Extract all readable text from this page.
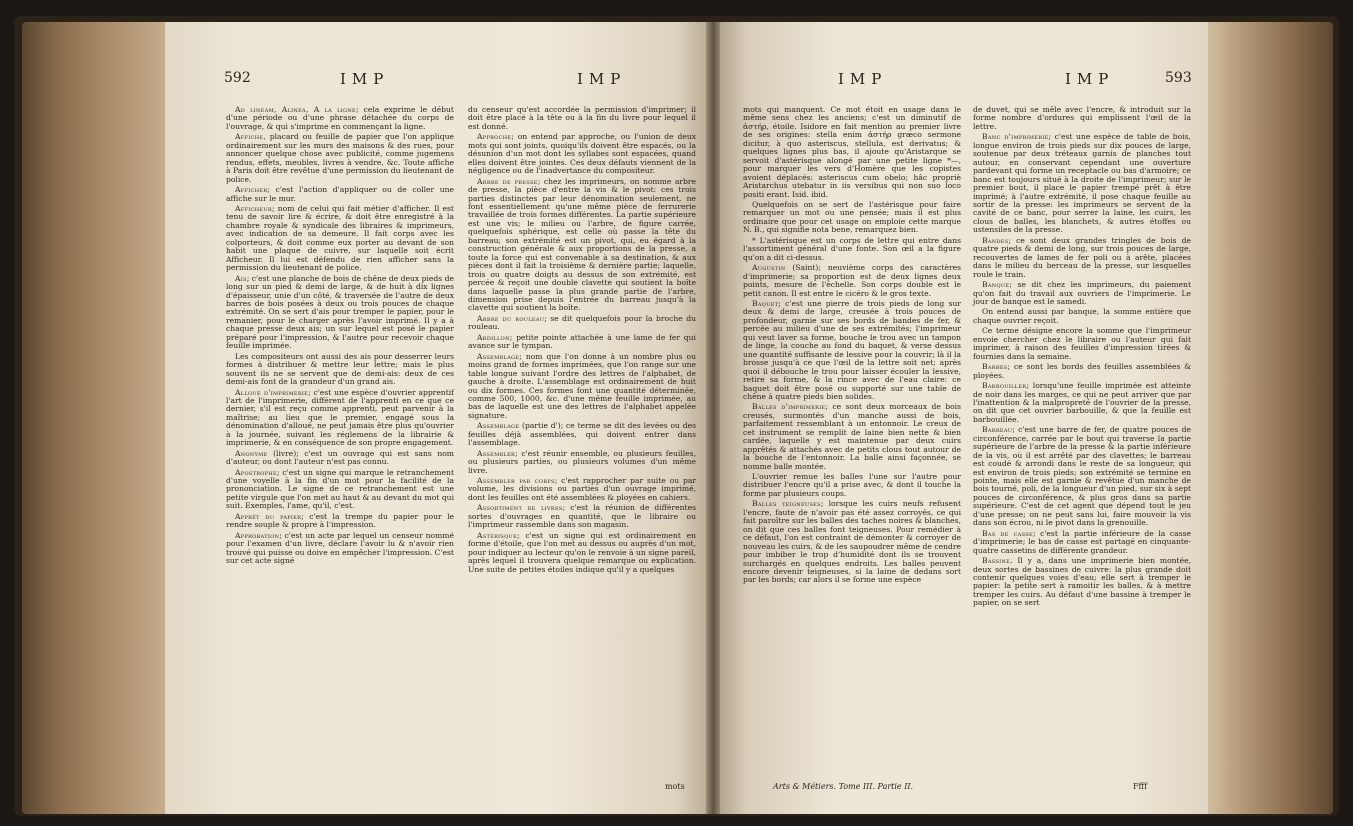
592	IMP	IMP

Ad lineam, Alinéa, A la ligne; cela exprime le début d'une période ou d'une phrase détachée du corps de l'ouvrage, & qui s'imprime en commençant la ligne.

Affiche, placard ou feuille de papier que l'on applique ordinairement sur les murs des maisons & des rues, pour annoncer quelque chose avec publicité, comme jugemens rendus, effets, meubles, livres à vendre, &c. Toute affiche à Paris doit être revêtue d'une permission du lieutenant de police.

Afficher; c'est l'action d'appliquer ou de coller une affiche sur le mur.

Afficheur; nom de celui qui fait métier d'afficher. Il est tenu de savoir lire & écrire, & doit être enregistré à la chambre royale & syndicale des libraires & imprimeurs, avec indication de sa demeure. Il fait corps avec les colporteurs, & doit comme eux porter au devant de son habit une plaque de cuivre, sur laquelle soit écrit Afficheur. Il lui est défendu de rien afficher sans la permission du lieutenant de police.

Ais; c'est une planche de bois de chêne de deux pieds de long sur un pied & demi de large, & de huit à dix lignes d'épaisseur, unie d'un côté, & traversée de l'autre de deux barres de bois posées à deux ou trois pouces de chaque extrémité. On se sert d'ais pour tremper le papier, pour le remanier, pour le charger après l'avoir imprimé. Il y a à chaque presse deux ais; un sur lequel est posé le papier préparé pour l'impression, & l'autre pour recevoir chaque feuille imprimée.

Les compositeurs ont aussi des ais pour desserrer leurs formes à distribuer & mettre leur lettre; mais le plus souvent ils ne se servent que de demi-ais: deux de ces demi-ais font de la grandeur d'un grand ais.

Alloué d'imprimerie; c'est une espèce d'ouvrier apprentif l'art de l'imprimerie, différent de l'apprenti en ce que ce dernier, s'il est reçu comme apprenti, peut parvenir à la maîtrise; au lieu que le premier, engagé sous la dénomination d'alloué, ne peut jamais être plus qu'ouvrier à la journée, suivant les réglemens de la librairie & imprimerie, & en conséquence de son propre engagement.

Anonyme (livre); c'est un ouvrage qui est sans nom d'auteur, ou dont l'auteur n'est pas connu.

Apostrophe; c'est un signe qui marque le retranchement d'une voyelle à la fin d'un mot pour la facilité de la prononciation. Le signe de ce retranchement est une petite virgule que l'on met au haut & au devant du mot qui suit. Exemples, l'ame, qu'il, c'est.

Apprêt du papier; c'est la trempe du papier pour le rendre souple & propre à l'impression.

Approbation; c'est un acte par lequel un censeur nommé pour l'examen d'un livre, déclare l'avoir lu & n'avoir rien trouvé qui puisse ou doive en empêcher l'impression. C'est sur cet acte signé

du censeur qu'est accordée la permission d'imprimer; il doit être placé à la tête ou à la fin du livre pour lequel il est donné.

Approche; on entend par approche, ou l'union de deux mots qui sont joints, quoiqu'ils doivent être espacés, ou la désunion d'un mot dont les syllabes sont espacées, quand elles doivent être jointes. Ces deux défauts viennent de la négligence ou de l'inadvertance du compositeur.

Arbre de presse; chez les imprimeurs, on nomme arbre de presse, la pièce d'entre la vis & le pivot: ces trois parties distinctes par leur dénomination seulement, ne font essentiellement qu'une même pièce de ferrurerie travaillée de trois formes différentes. La partie supérieure est une vis; le milieu ou l'arbre, de figure carrée, quelquefois sphérique, est celle où passe la tête du barreau; son extrémité est un pivot, qui, eu égard à la construction générale & aux proportions de la presse, a toute la force qui est convenable à sa destination, & aux pièces dont il fait la troisième & dernière partie; laquelle, trois ou quatre doigts au dessus de son extrémité, est percée & reçoit une double clavette qui soutient la boîte dans laquelle passe la plus grande partie de l'arbre, dimension prise depuis l'entrée du barreau jusqu'à la clavette qui soutient la boîte.

Arbre du rouleau; se dit quelquefois pour la broche du rouleau.

Ardillon; petite pointe attachée à une lame de fer qui avance sur le tympan.

Assemblage; nom que l'on donne à un nombre plus ou moins grand de formes imprimées, que l'on range sur une table longue suivant l'ordre des lettres de l'alphabet, de gauche à droite. L'assemblage est ordinairement de huit ou dix formes. Ces formes font une quantité déterminée, comme 500, 1000, &c. d'une même feuille imprimée, au bas de laquelle est une des lettres de l'alphabet appelée signature.

Assemblage (partie d'); ce terme se dit des levées ou des feuilles déjà assemblées, qui doivent entrer dans l'assemblage.

Assembler; c'est réunir ensemble, ou plusieurs feuilles, ou plusieurs parties, ou plusieurs volumes d'un même livre.

Assembler par corps; c'est rapprocher par suite ou par volume, les divisions ou parties d'un ouvrage imprimé, dont les feuilles ont été assemblées & ployées en cahiers.

Assortiment de livres; c'est la réunion de différentes sortes d'ouvrages en quantité, que le libraire ou l'imprimeur rassemble dans son magasin.

Astérisque; c'est un signe qui est ordinairement en forme d'étoile, que l'on met au dessus ou auprès d'un mot, pour indiquer au lecteur qu'on le renvoie à un signe pareil, après lequel il trouvera quelque remarque ou explication. Une suite de petites étoiles indique qu'il y a quelques

mots
IMP	IMP	593

mots qui manquent. Ce mot étoit en usage dans le même sens chez les anciens; c'est un diminutif de ἀστήρ, étoile. Isidore en fait mention au premier livre de ses origines: stella enim ἀστήρ græco sermone dicitur, à quo asteriscus, stellula, est derivatus; & quelques lignes plus bas, il ajoute qu'Aristarque se servoit d'astérisque alongé par une petite ligne *—, pour marquer les vers d'Homère que les copistes avoient déplacés: asteriscus cum obelo; hâc propriè Aristarchus utebatur in iis versibus qui non suo loco positi erant. Isid. ibid.

Quelquefois on se sert de l'astérisque pour faire remarquer un mot ou une pensée; mais il est plus ordinaire que pour cet usage on emploie cette marque N. B., qui signifie nota bene, remarquez bien.

* L'astérisque est un corps de lettre qui entre dans l'assortiment général d'une fonte. Son œil a la figure qu'on a dit ci-dessus.

Augustin (Saint); neuvième corps des caractères d'imprimerie; sa proportion est de deux lignes deux points, mesure de l'échelle. Son corps double est le petit canon. Il est entre le cicéro & le gros texte.

Baquet; c'est une pierre de trois pieds de long sur deux & demi de large, creusée à trois pouces de profondeur, garnie sur ses bords de bandes de fer, & percée au milieu d'une de ses extrémités; l'imprimeur qui veut laver sa forme, bouche le trou avec un tampon de linge, la couche au fond du baquet, & verse dessus une quantité suffisante de lessive pour la couvrir; là il la brosse jusqu'à ce que l'œil de la lettre soit net; après quoi il débouche le trou pour laisser écouler la lessive, retire sa forme, & la rince avec de l'eau claire: ce baquet doit être posé ou supporté sur une table de chêne à quatre pieds bien solides.

Balles d'imprimerie; ce sont deux morceaux de bois creusés, surmontés d'un manche aussi de bois, parfaitement ressemblant à un entonnoir. Le creux de cet instrument se remplit de laine bien nette & bien cardée, laquelle y est maintenue par deux cuirs apprêtés & attachés avec de petits clous tout autour de la bouche de l'entonnoir. La balle ainsi façonnée, se nomme balle montée.

L'ouvrier remue les balles l'une sur l'autre pour distribuer l'encre qu'il a prise avec, & dont il touche la forme par plusieurs coups.

Balles teigneuses; lorsque les cuirs neufs refusent l'encre, faute de n'avoir pas été assez corroyés, ce qui fait paroître sur les balles des taches noires & blanches, on dit que ces balles font teigneuses. Pour remédier à ce défaut, l'on est contraint de démonter & corroyer de nouveau les cuirs, & de les saupoudrer même de cendre pour imbiber le trop d'humidité dont ils se trouvent surchargés en quelques endroits. Les balles peuvent encore devenir teigneuses, si la laine de dedans sort par les bords; car alors il se forme une espèce

de duvet, qui se mêle avec l'encre, & introduit sur la forme nombre d'ordures qui emplissent l'œil de la lettre.

Banc d'imprimerie; c'est une espèce de table de bois, longue environ de trois pieds sur dix pouces de large, soutenue par deux tréteaux garnis de planches tout autour, en conservant cependant une ouverture pardevant qui forme un receptacle ou bas d'armoire; ce banc est toujours situé à la droite de l'imprimeur; sur le premier bout, il place le papier trempé prêt à être imprimé; à l'autre extrémité, il pose chaque feuille au sortir de la presse: les imprimeurs se servent de la cavité de ce banc, pour serrer la laine, les cuirs, les clous de balles, les blanchets, & autres étoffes ou ustensiles de la presse.

Bandes; ce sont deux grandes tringles de bois de quatre pieds & demi de long, sur trois pouces de large, recouvertes de lames de fer poli ou à arête, placées dans le milieu du berceau de la presse, sur lesquelles roule le train.

Banque; se dit chez les imprimeurs, du paiement qu'on fait du travail aux ouvriers de l'imprimerie. Le jour de banque est le samedi.

On entend aussi par banque, la somme entière que chaque ouvrier reçoit.

Ce terme désigne encore la somme que l'imprimeur envoie chercher chez le libraire ou l'auteur qui fait imprimer, à raison des feuilles d'impression tirées & fournies dans la semaine.

Barbes; ce sont les bords des feuilles assemblées & ployées.

Barbouiller; lorsqu'une feuille imprimée est atteinte de noir dans les marges, ce qui ne peut arriver que par l'inattention & la malpropreté de l'ouvrier de la presse, on dit que cet ouvrier barbouille, & que la feuille est barbouillée.

Barreau; c'est une barre de fer, de quatre pouces de circonférence, carrée par le bout qui traverse la partie supérieure de l'arbre de la presse & la partie inférieure de la vis, où il est arrêté par des clavettes; le barreau est coudé & arrondi dans le reste de sa longueur, qui est environ de trois pieds; son extrémité se termine en pointe, mais elle est garnie & revêtue d'un manche de bois tourné, poli, de la longueur d'un pied, sur six à sept pouces de circonférence, & plus gros dans sa partie supérieure. C'est de cet agent que dépend tout le jeu d'une presse; on ne peut sans lui, faire mouvoir la vis dans son écrou, ni le pivot dans la grenouille.

Bas de casse; c'est la partie inférieure de la casse d'imprimerie; le bas de casse est partagé en cinquante-quatre cassetins de différente grandeur.

Bassine. Il y a, dans une imprimerie bien montée, deux sortes de bassines de cuivre: la plus grande doit contenir quelques voies d'eau; elle sert à tremper le papier: la petite sert à ramoitir les balles, & à mettre tremper les cuirs. Au défaut d'une bassine à tremper le papier, on se sert

Arts & Métiers. Tome III. Partie II.	Ffff
